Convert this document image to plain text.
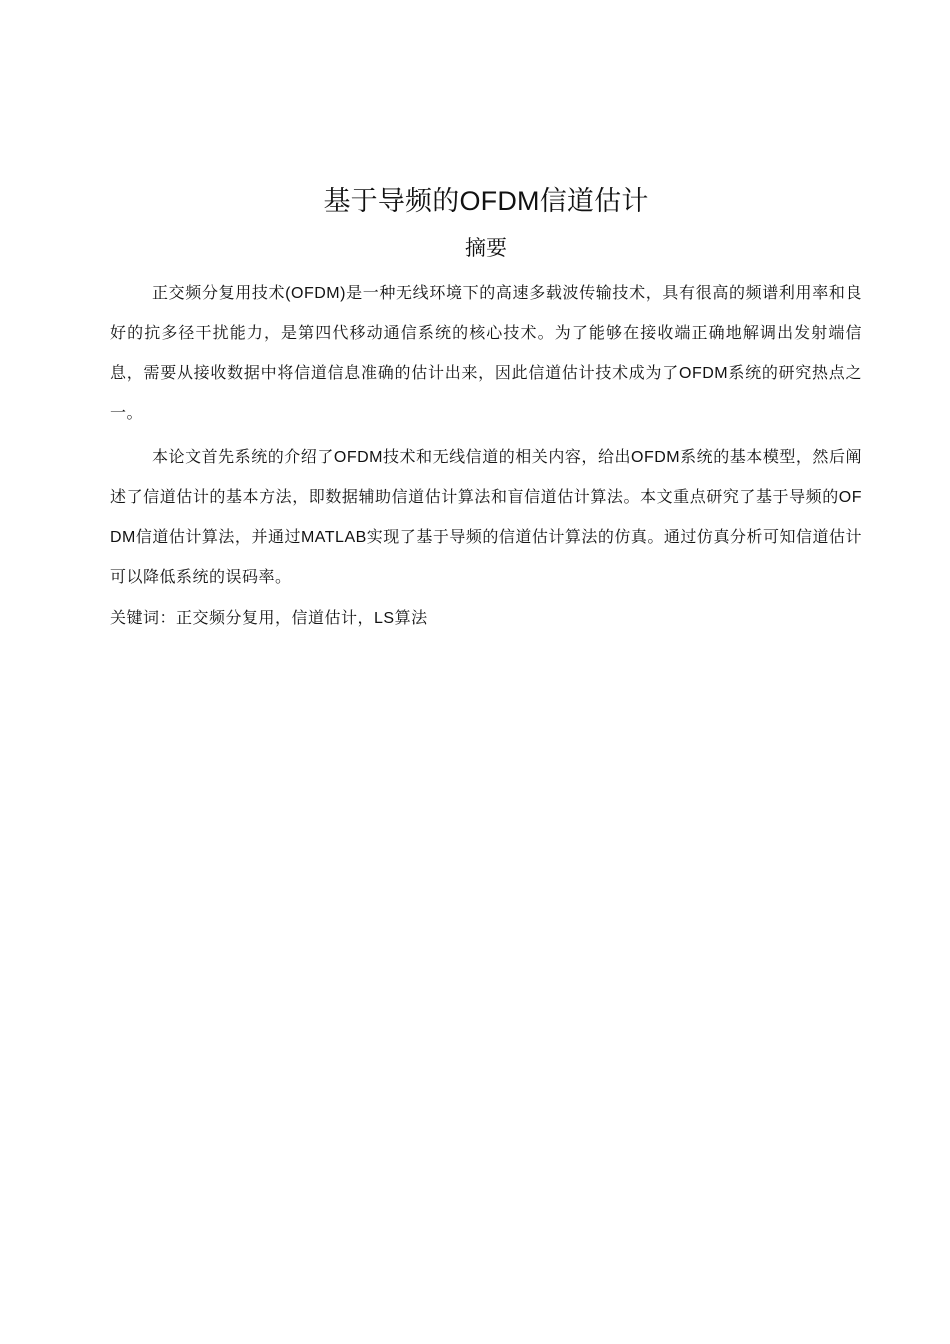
基于导频的OFDM信道估计
摘要

正交频分复用技术(OFDM)是一种无线环境下的高速多载波传输技术，具有很高的频谱利用率和良好的抗多径干扰能力，是第四代移动通信系统的核心技术。为了能够在接收端正确地解调出发射端信息，需要从接收数据中将信道信息准确的估计出来，因此信道估计技术成为了OFDM系统的研究热点之一。

本论文首先系统的介绍了OFDM技术和无线信道的相关内容，给出OFDM系统的基本模型，然后阐述了信道估计的基本方法，即数据辅助信道估计算法和盲信道估计算法。本文重点研究了基于导频的OFDM信道估计算法，并通过MATLAB实现了基于导频的信道估计算法的仿真。通过仿真分析可知信道估计可以降低系统的误码率。

关键词：正交频分复用，信道估计，LS算法
